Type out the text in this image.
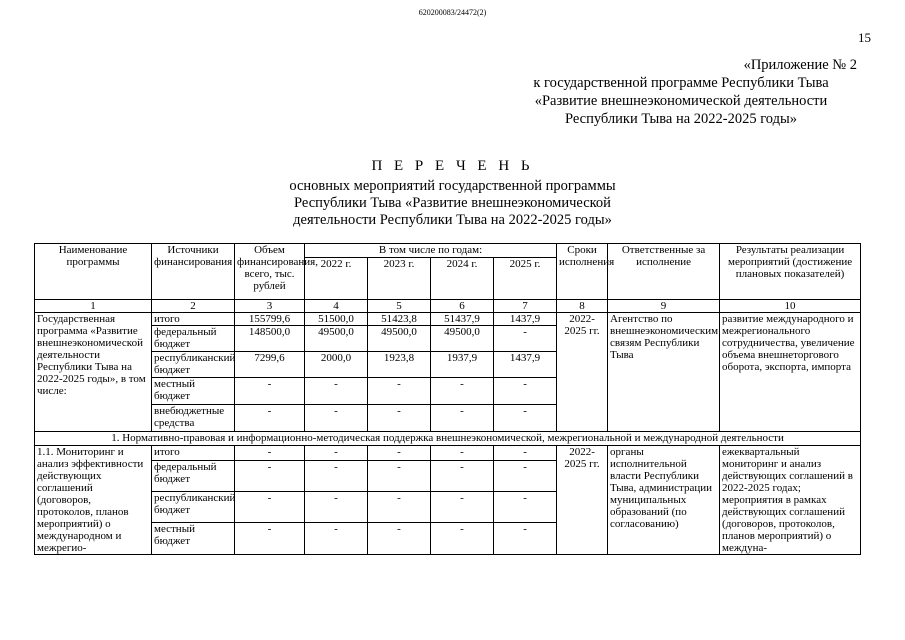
620200083/24472(2)
15
«Приложение № 2
к государственной программе Республики Тыва
«Развитие внешнеэкономической деятельности
Республики Тыва на 2022-2025 годы»
П Е Р Е Ч Е Н Ь
основных мероприятий государственной программы
Республики Тыва «Развитие внешнеэкономической
деятельности Республики Тыва на 2022-2025 годы»
Наименование программы	Источники финансирования	Объем финансирования, всего, тыс. рублей	В том числе по годам:				Сроки исполнения	Ответственные за исполнение	Результаты реализации мероприятий (достижение плановых показателей)
			2022 г.	2023 г.	2024 г.	2025 г.			
1	2	3	4	5	6	7	8	9	10
Государственная программа «Развитие внешнеэкономической деятельности Республики Тыва на 2022-2025 годы», в том числе:	итого	155799,6	51500,0	51423,8	51437,9	1437,9	2022-2025 гг.	Агентство по внешнеэкономическим связям Республики Тыва	развитие международного и межрегионального сотрудничества, увеличение объема внешнеторгового оборота, экспорта, импорта
	федеральный бюджет	148500,0	49500,0	49500,0	49500,0	-			
	республиканский бюджет	7299,6	2000,0	1923,8	1937,9	1437,9			
	местный бюджет	-	-	-	-	-			
	внебюджетные средства	-	-	-	-	-			
1. Нормативно-правовая и информационно-методическая поддержка внешнеэкономической, межрегиональной и международной деятельности									
1.1. Мониторинг и анализ эффективности действующих соглашений (договоров, протоколов, планов мероприятий) о международном и межрегио-	итого	-	-	-	-	-	2022-2025 гг.	органы исполнительной власти Республики Тыва, администрации муниципальных образований (по согласованию)	ежеквартальный мониторинг и анализ действующих соглашений в 2022-2025 годах; мероприятия в рамках действующих соглашений (договоров, протоколов, планов мероприятий) о междуна-
	федеральный бюджет	-	-	-	-	-			
	республиканский бюджет	-	-	-	-	-			
	местный бюджет	-	-	-	-	-			
